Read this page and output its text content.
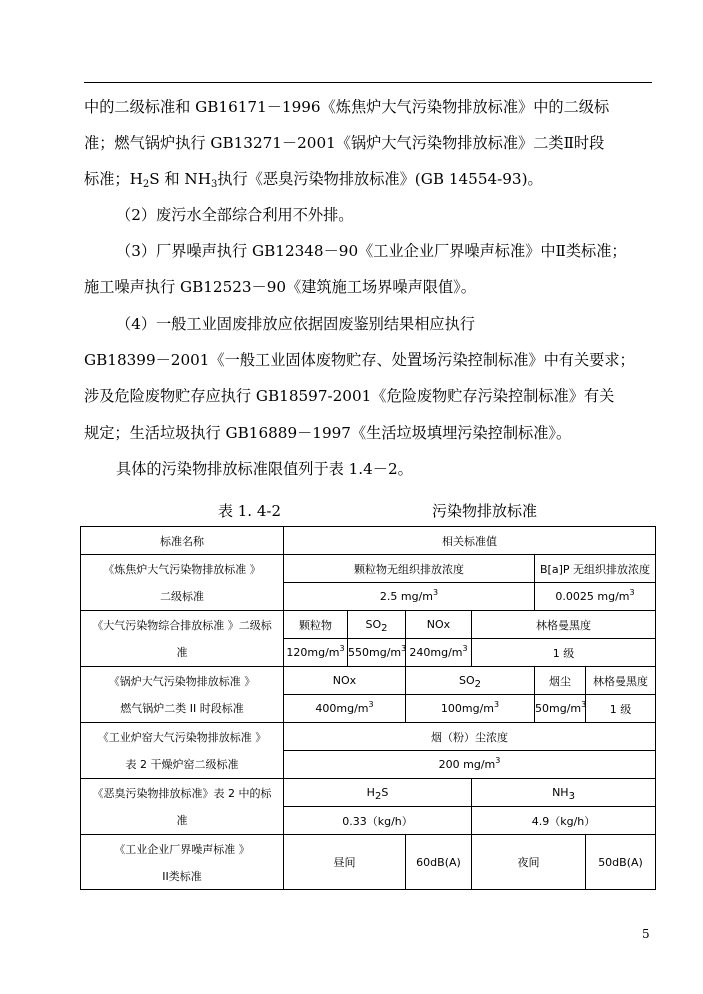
中的二级标准和 GB16171－1996《炼焦炉大气污染物排放标准》中的二级标
准；燃气锅炉执行 GB13271－2001《锅炉大气污染物排放标准》二类Ⅱ时段
标准；$H_2S$ 和 $NH_3$执行《恶臭污染物排放标准》(GB 14554-93)。
（2）废污水全部综合利用不外排。
（3）厂界噪声执行 GB12348－90《工业企业厂界噪声标准》中Ⅱ类标准；
施工噪声执行 GB12523－90《建筑施工场界噪声限值》。
（4）一般工业固废排放应依据固废鉴别结果相应执行
GB18399－2001《一般工业固体废物贮存、处置场污染控制标准》中有关要求；
涉及危险废物贮存应执行 GB18597-2001《危险废物贮存污染控制标准》有关
规定；生活垃圾执行 GB16889－1997《生活垃圾填埋污染控制标准》。
具体的污染物排放标准限值列于表 1.4－2。
表 1. 4-2	污染物排放标准
标准名称	相关标准值					
《炼焦炉大气污染物排放标准 》	颗粒物无组织排放浓度				B[a]P 无组织排放浓度	
二级标准	2.5 $mg/m^3$				0.0025 $mg/m^3$
《大气污染物综合排放标准 》二级标	颗粒物	$SO_2$	NOx	林格曼黑度		
准	$120mg/m^3$	$550mg/m^3$	$240mg/m^3$	1 级		
《锅炉大气污染物排放标准 》	NOx		$SO_2$		烟尘	林格曼黑度
燃气锅炉二类 II 时段标准	$400mg/m^3$		$100mg/m^3$		$50mg/m^3$	1 级
《工业炉窑大气污染物排放标准 》	烟（粉）尘浓度					
表 2 干燥炉窑二级标准	200 $mg/m^3$
《恶臭污染物排放标准》表 2 中的标	$H_2S$			$NH_3$
准	0.33（kg/h）			4.9（kg/h）		
《工业企业厂界噪声标准 》	昼间		60dB(A)	夜间		50dB(A)
II类标准						
5
